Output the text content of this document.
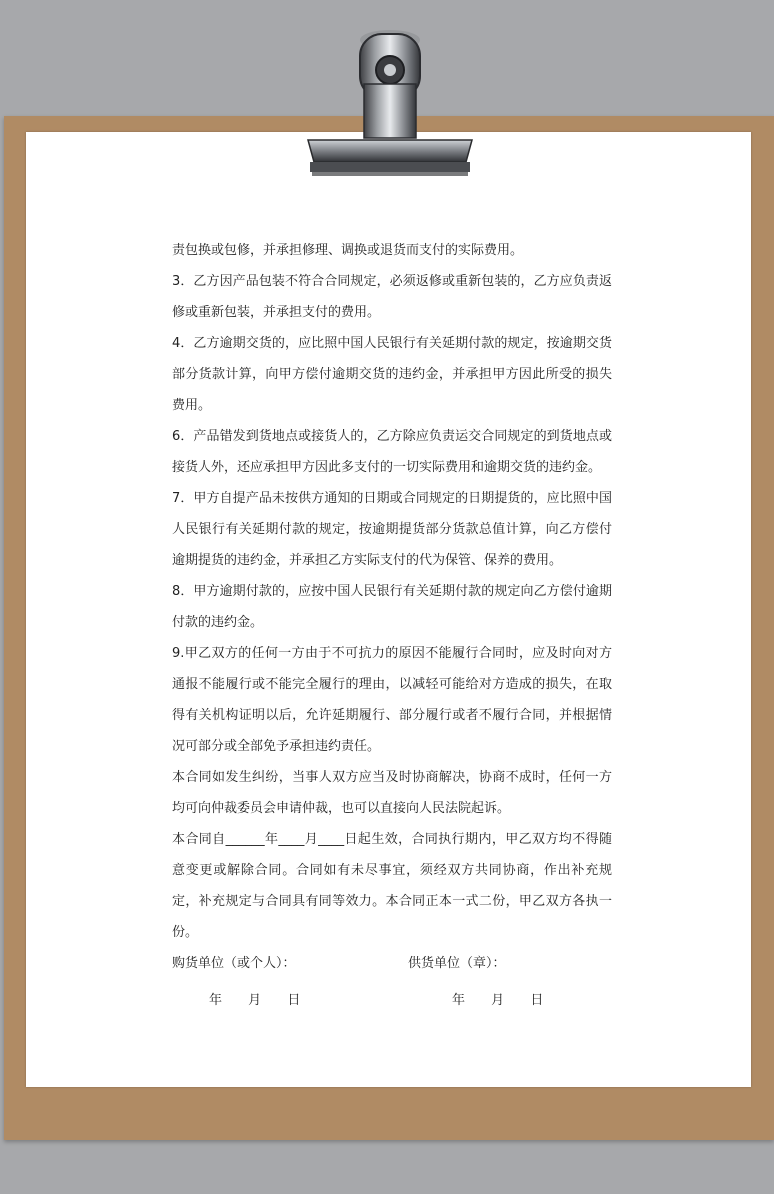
责包换或包修，并承担修理、调换或退货而支付的实际费用。

3．乙方因产品包装不符合合同规定，必须返修或重新包装的，乙方应负责返修或重新包装，并承担支付的费用。

4．乙方逾期交货的，应比照中国人民银行有关延期付款的规定，按逾期交货部分货款计算，向甲方偿付逾期交货的违约金，并承担甲方因此所受的损失费用。

6．产品错发到货地点或接货人的，乙方除应负责运交合同规定的到货地点或接货人外，还应承担甲方因此多支付的一切实际费用和逾期交货的违约金。

7．甲方自提产品未按供方通知的日期或合同规定的日期提货的，应比照中国人民银行有关延期付款的规定，按逾期提货部分货款总值计算，向乙方偿付逾期提货的违约金，并承担乙方实际支付的代为保管、保养的费用。

8．甲方逾期付款的，应按中国人民银行有关延期付款的规定向乙方偿付逾期付款的违约金。

9.甲乙双方的任何一方由于不可抗力的原因不能履行合同时，应及时向对方通报不能履行或不能完全履行的理由，以减轻可能给对方造成的损失，在取得有关机构证明以后，允许延期履行、部分履行或者不履行合同，并根据情况可部分或全部免予承担违约责任。

本合同如发生纠纷，当事人双方应当及时协商解决，协商不成时，任何一方均可向仲裁委员会申请仲裁，也可以直接向人民法院起诉。

本合同自______年____月____日起生效，合同执行期内，甲乙双方均不得随意变更或解除合同。合同如有未尽事宜，须经双方共同协商，作出补充规定，补充规定与合同具有同等效力。本合同正本一式二份，甲乙双方各执一份。

购货单位（或个人）：	供货单位（章）：
年 月 日	年 月 日
